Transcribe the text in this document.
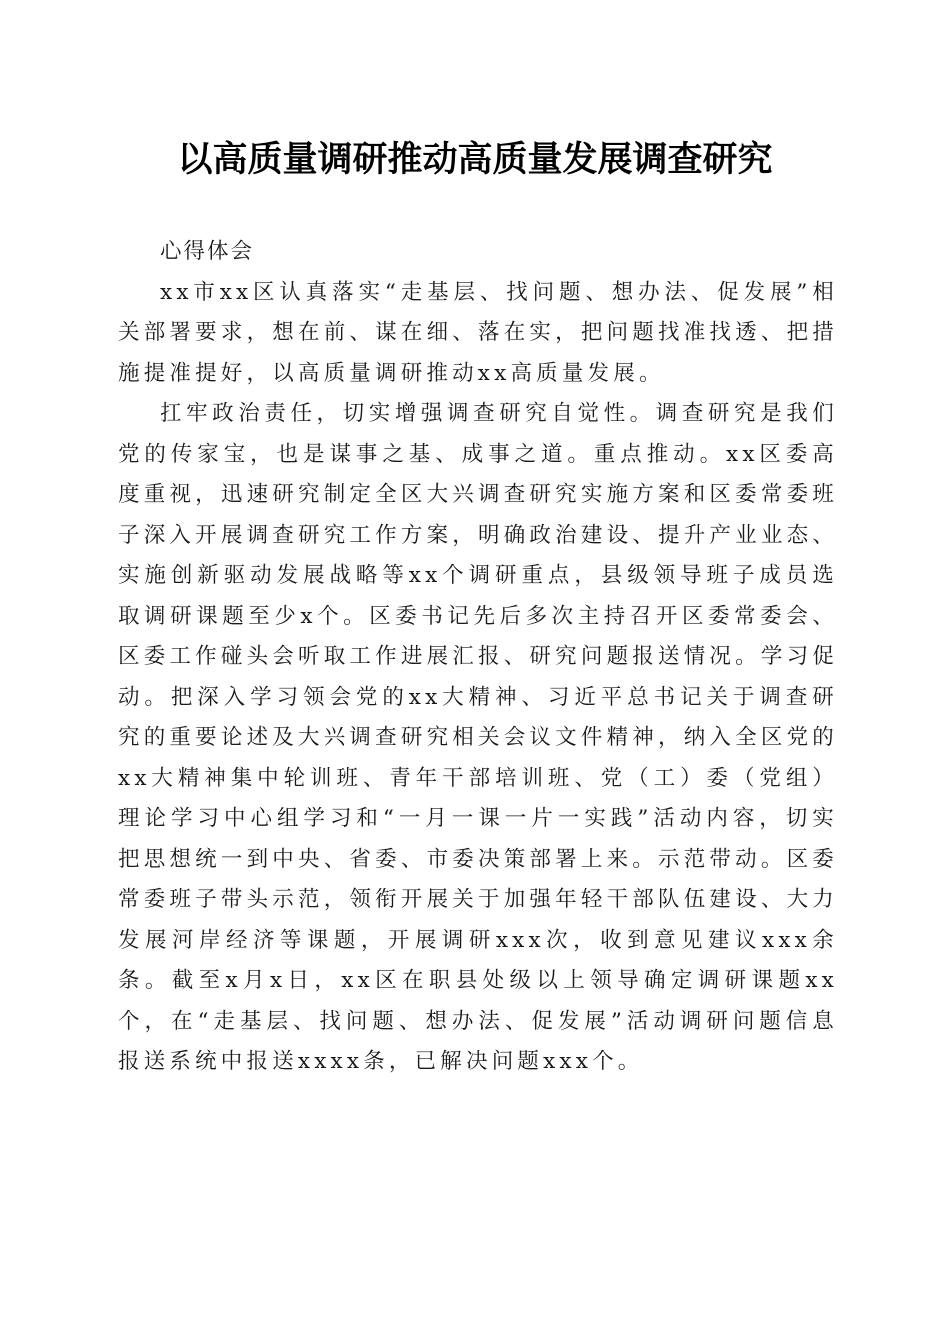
以高质量调研推动高质量发展调查研究

心得体会

xx市xx区认真落实“走基层、找问题、想办法、促发展”相关部署要求，想在前、谋在细、落在实，把问题找准找透、把措施提准提好，以高质量调研推动xx高质量发展。

扛牢政治责任，切实增强调查研究自觉性。调查研究是我们党的传家宝，也是谋事之基、成事之道。重点推动。xx区委高度重视，迅速研究制定全区大兴调查研究实施方案和区委常委班子深入开展调查研究工作方案，明确政治建设、提升产业业态、实施创新驱动发展战略等xx个调研重点，县级领导班子成员选取调研课题至少x个。区委书记先后多次主持召开区委常委会、区委工作碰头会听取工作进展汇报、研究问题报送情况。学习促动。把深入学习领会党的xx大精神、习近平总书记关于调查研究的重要论述及大兴调查研究相关会议文件精神，纳入全区党的xx大精神集中轮训班、青年干部培训班、党（工）委（党组）理论学习中心组学习和“一月一课一片一实践”活动内容，切实把思想统一到中央、省委、市委决策部署上来。示范带动。区委常委班子带头示范，领衔开展关于加强年轻干部队伍建设、大力发展河岸经济等课题，开展调研xxx次，收到意见建议xxx余条。截至x月x日，xx区在职县处级以上领导确定调研课题xx个，在“走基层、找问题、想办法、促发展”活动调研问题信息报送系统中报送xxxx条，已解决问题xxx个。
